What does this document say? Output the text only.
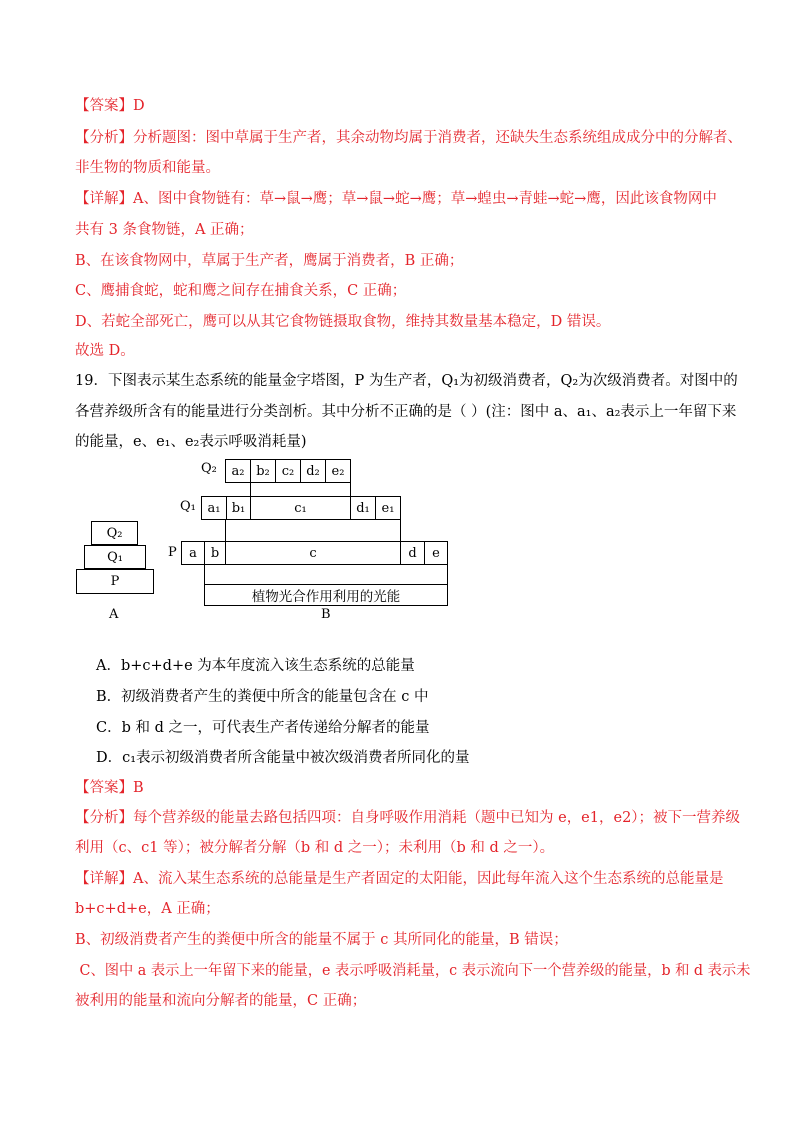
【答案】D
【分析】分析题图：图中草属于生产者，其余动物均属于消费者，还缺失生态系统组成成分中的分解者、
非生物的物质和能量。
【详解】A、图中食物链有：草→鼠→鹰；草→鼠→蛇→鹰；草→蝗虫→青蛙→蛇→鹰，因此该食物网中
共有 3 条食物链，A 正确；
B、在该食物网中，草属于生产者，鹰属于消费者，B 正确；
C、鹰捕食蛇，蛇和鹰之间存在捕食关系，C 正确；
D、若蛇全部死亡，鹰可以从其它食物链摄取食物，维持其数量基本稳定，D 错误。
故选 D。
19．下图表示某生态系统的能量金字塔图，P 为生产者，Q₁为初级消费者，Q₂为次级消费者。对图中的
各营养级所含有的能量进行分类剖析。其中分析不正确的是（ ）(注：图中 a、a₁、a₂表示上一年留下来
的能量，e、e₁、e₂表示呼吸消耗量)
Q₂
Q₁
P
A
Q₂ a₂ b₂ c₂ d₂ e₂
Q₁ a₁ b₁	c₁	d₁ e₁
P a b	c	d e
植物光合作用利用的光能
B
A．b+c+d+e 为本年度流入该生态系统的总能量
B．初级消费者产生的粪便中所含的能量包含在 c 中
C．b 和 d 之一，可代表生产者传递给分解者的能量
D．c₁表示初级消费者所含能量中被次级消费者所同化的量
【答案】B
【分析】每个营养级的能量去路包括四项：自身呼吸作用消耗（题中已知为 e，e1，e2）；被下一营养级
利用（c、c1 等）；被分解者分解（b 和 d 之一）；未利用（b 和 d 之一）。
【详解】A、流入某生态系统的总能量是生产者固定的太阳能，因此每年流入这个生态系统的总能量是
b+c+d+e，A 正确；
B、初级消费者产生的粪便中所含的能量不属于 c 其所同化的能量，B 错误；
C、图中 a 表示上一年留下来的能量，e 表示呼吸消耗量，c 表示流向下一个营养级的能量，b 和 d 表示未
被利用的能量和流向分解者的能量，C 正确；
